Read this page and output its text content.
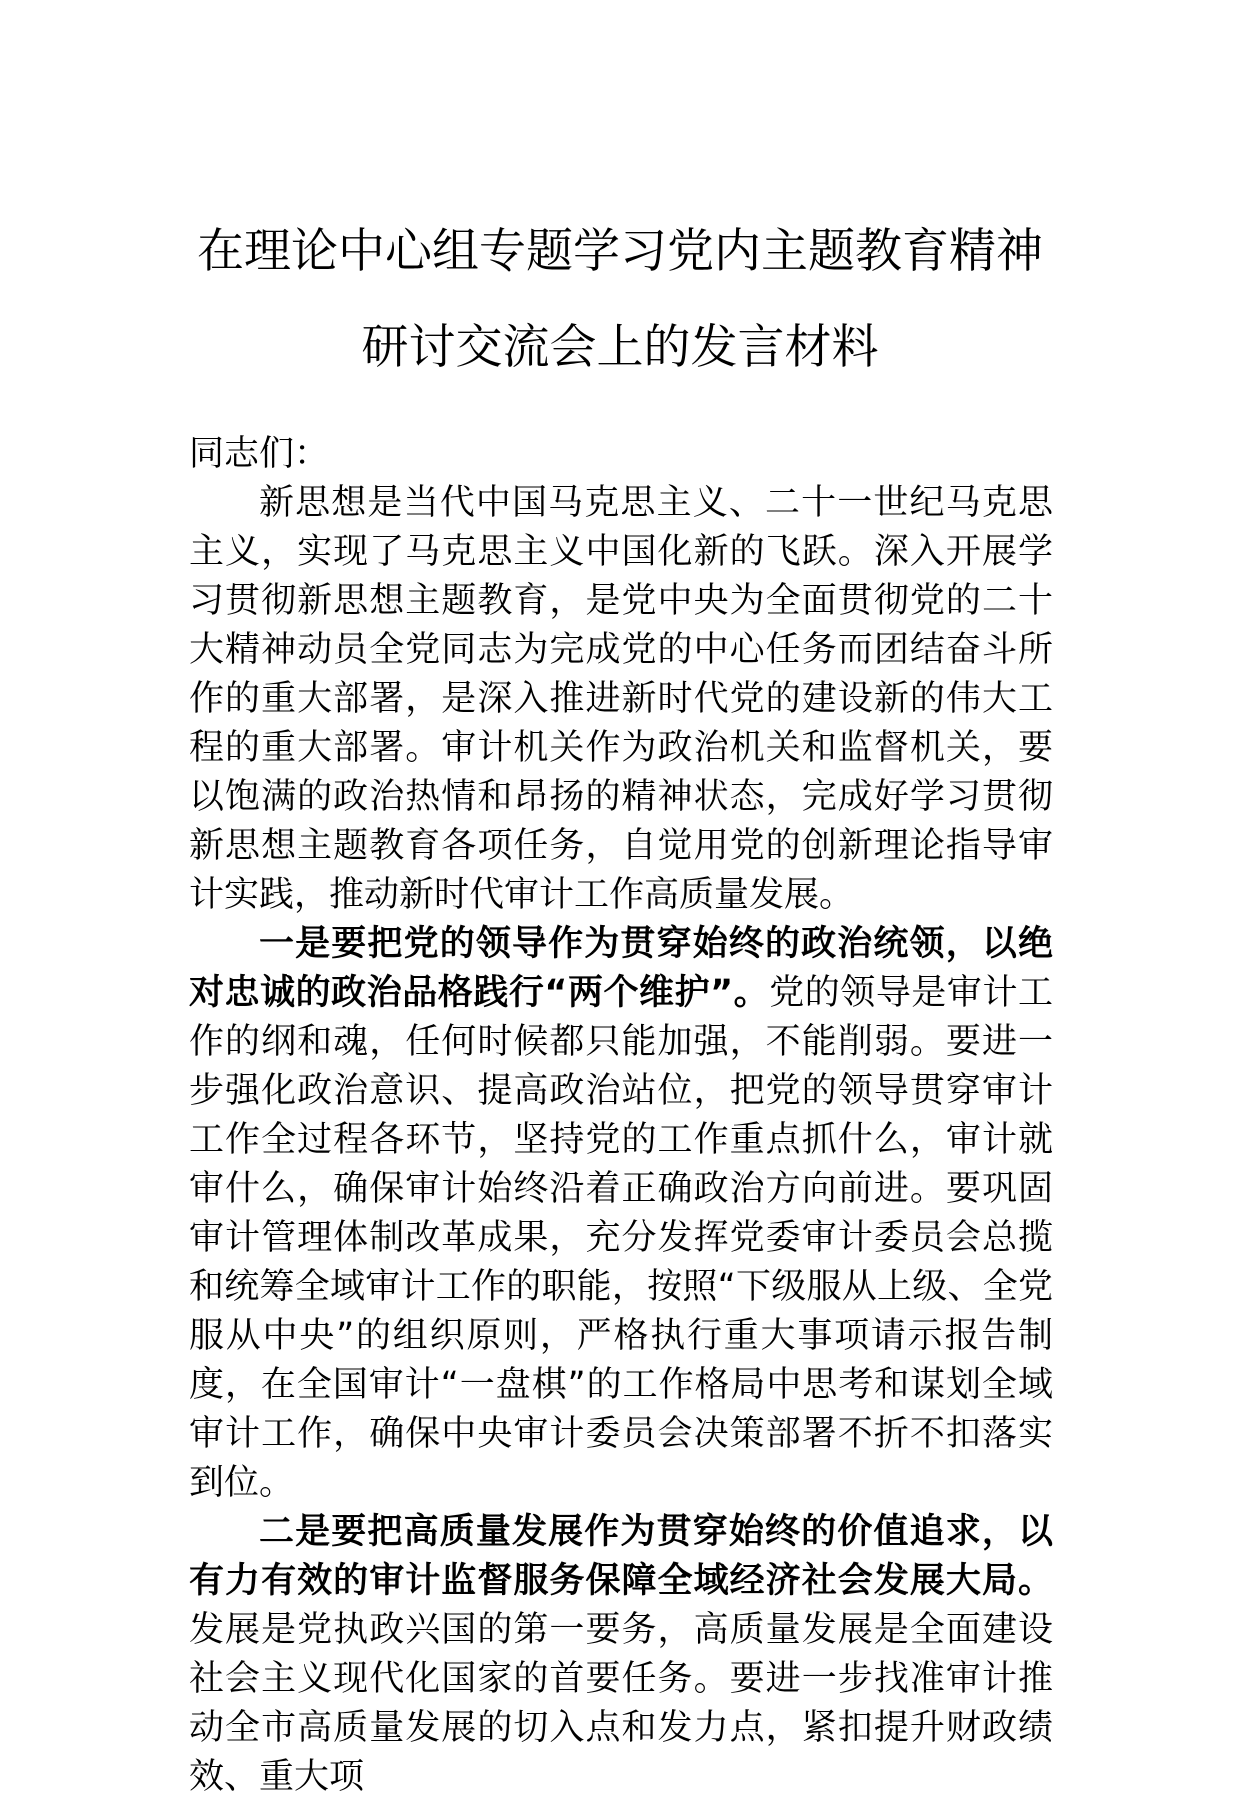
在理论中心组专题学习党内主题教育精神
研讨交流会上的发言材料

同志们：

新思想是当代中国马克思主义、二十一世纪马克思主义，实现了马克思主义中国化新的飞跃。深入开展学习贯彻新思想主题教育，是党中央为全面贯彻党的二十大精神动员全党同志为完成党的中心任务而团结奋斗所作的重大部署，是深入推进新时代党的建设新的伟大工程的重大部署。审计机关作为政治机关和监督机关，要以饱满的政治热情和昂扬的精神状态，完成好学习贯彻新思想主题教育各项任务，自觉用党的创新理论指导审计实践，推动新时代审计工作高质量发展。

一是要把党的领导作为贯穿始终的政治统领，以绝对忠诚的政治品格践行“两个维护”。党的领导是审计工作的纲和魂，任何时候都只能加强，不能削弱。要进一步强化政治意识、提高政治站位，把党的领导贯穿审计工作全过程各环节，坚持党的工作重点抓什么，审计就审什么，确保审计始终沿着正确政治方向前进。要巩固审计管理体制改革成果，充分发挥党委审计委员会总揽和统筹全域审计工作的职能，按照“下级服从上级、全党服从中央”的组织原则，严格执行重大事项请示报告制度，在全国审计“一盘棋”的工作格局中思考和谋划全域审计工作，确保中央审计委员会决策部署不折不扣落实到位。

二是要把高质量发展作为贯穿始终的价值追求，以有力有效的审计监督服务保障全域经济社会发展大局。发展是党执政兴国的第一要务，高质量发展是全面建设社会主义现代化国家的首要任务。要进一步找准审计推动全市高质量发展的切入点和发力点，紧扣提升财政绩效、重大项
